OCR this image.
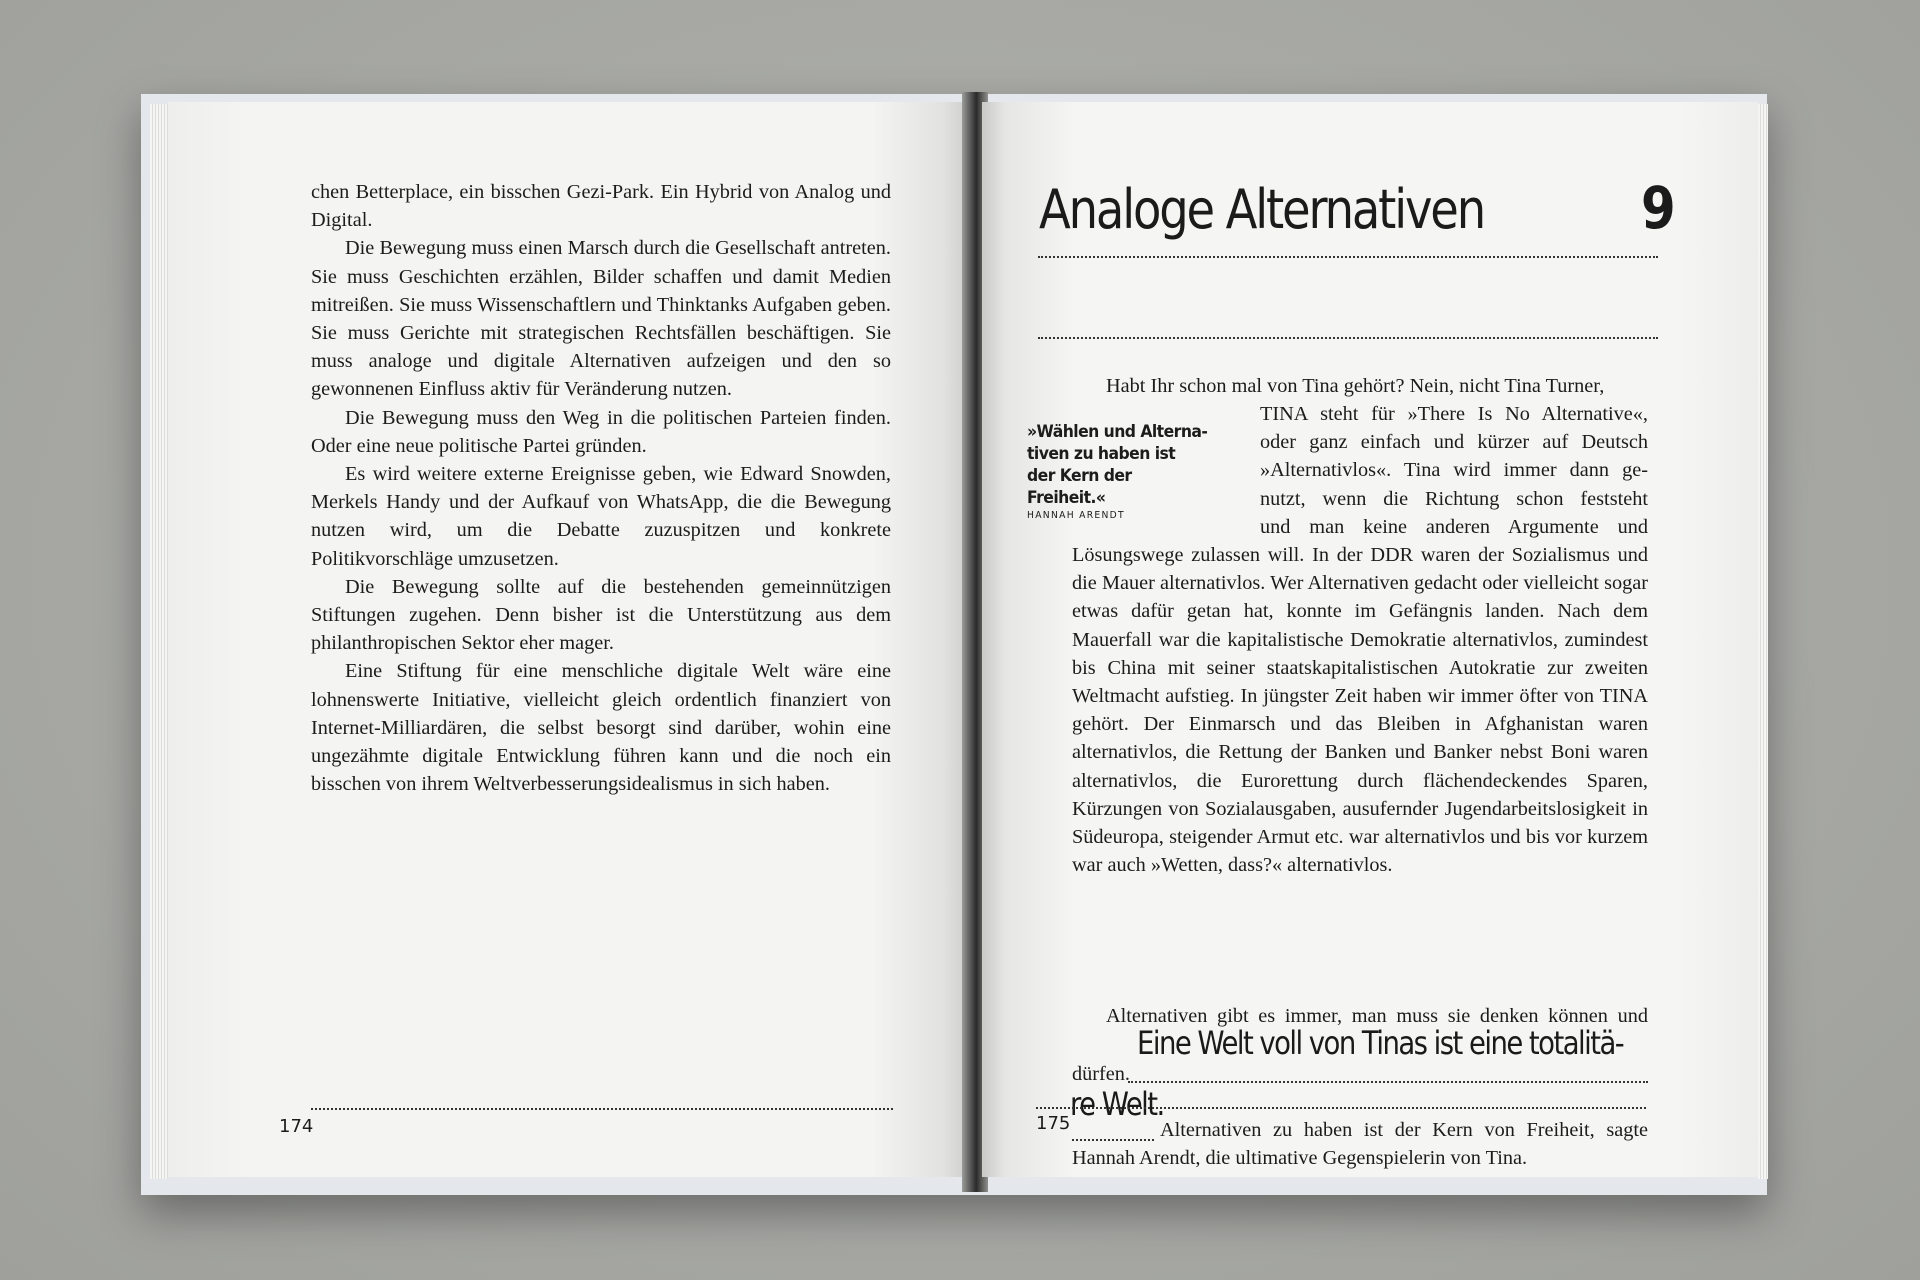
chen Betterplace, ein bisschen Gezi-Park. Ein Hybrid von Analog und Digital.

Die Bewegung muss einen Marsch durch die Gesellschaft antreten. Sie muss Geschichten erzählen, Bilder schaffen und damit Medien mitreißen. Sie muss Wissenschaftlern und Thinktanks Aufgaben geben. Sie muss Gerichte mit strategischen Rechtsfällen beschäftigen. Sie muss analoge und digitale Alternativen aufzeigen und den so gewonnenen Einfluss aktiv für Veränderung nutzen.

Die Bewegung muss den Weg in die politischen Parteien finden. Oder eine neue politische Partei gründen.

Es wird weitere externe Ereignisse geben, wie Edward Snowden, Merkels Handy und der Aufkauf von WhatsApp, die die Bewegung nutzen wird, um die Debatte zuzuspitzen und konkrete Politikvorschläge umzusetzen.

Die Bewegung sollte auf die bestehenden gemeinnützigen Stiftungen zugehen. Denn bisher ist die Unterstützung aus dem philanthropischen Sektor eher mager.

Eine Stiftung für eine menschliche digitale Welt wäre eine lohnenswerte Initiative, vielleicht gleich ordentlich finanziert von Internet-Milliardären, die selbst besorgt sind darüber, wohin eine ungezähmte digitale Entwicklung führen kann und die noch ein bisschen von ihrem Weltverbesserungsidealismus in sich haben.

174
Analoge Alternativen	9

Habt Ihr schon mal von Tina gehört? Nein, nicht Tina Turner,

»Wählen und Alterna-
tiven zu haben ist
der Kern der Freiheit.«
HANNAH ARENDT

TINA steht für »There Is No Alternative«,

oder ganz einfach und kürzer auf Deutsch

»Alternativlos«. Tina wird immer dann ge-

nutzt, wenn die Richtung schon feststeht

und man keine anderen Argumente und

Lösungswege zulassen will. In der DDR waren der Sozialismus und die Mauer alternativlos. Wer Alternativen gedacht oder vielleicht sogar etwas dafür getan hat, konnte im Gefängnis landen. Nach dem Mauerfall war die kapitalistische Demokratie alternativlos, zumindest bis China mit seiner staatskapitalistischen Autokratie zur zweiten Weltmacht aufstieg. In jüngster Zeit haben wir immer öfter von TINA gehört. Der Einmarsch und das Bleiben in Afghanistan waren alternativlos, die Rettung der Banken und Banker nebst Boni waren alternativlos, die Eurorettung durch flächendeckendes Sparen, Kürzungen von Sozialausgaben, ausufernder Jugendarbeitslosigkeit in Südeuropa, steigender Armut etc. war alternativlos und bis vor kurzem war auch »Wetten, dass?« alternativlos.

Alternativen gibt es immer, man muss sie denken können und

dürfen.

Eine Welt voll von Tinas ist eine totalitä-
re Welt.

Alternativen zu haben ist der Kern von Freiheit, sagte

Hannah Arendt, die ultimative Gegenspielerin von Tina.

175
